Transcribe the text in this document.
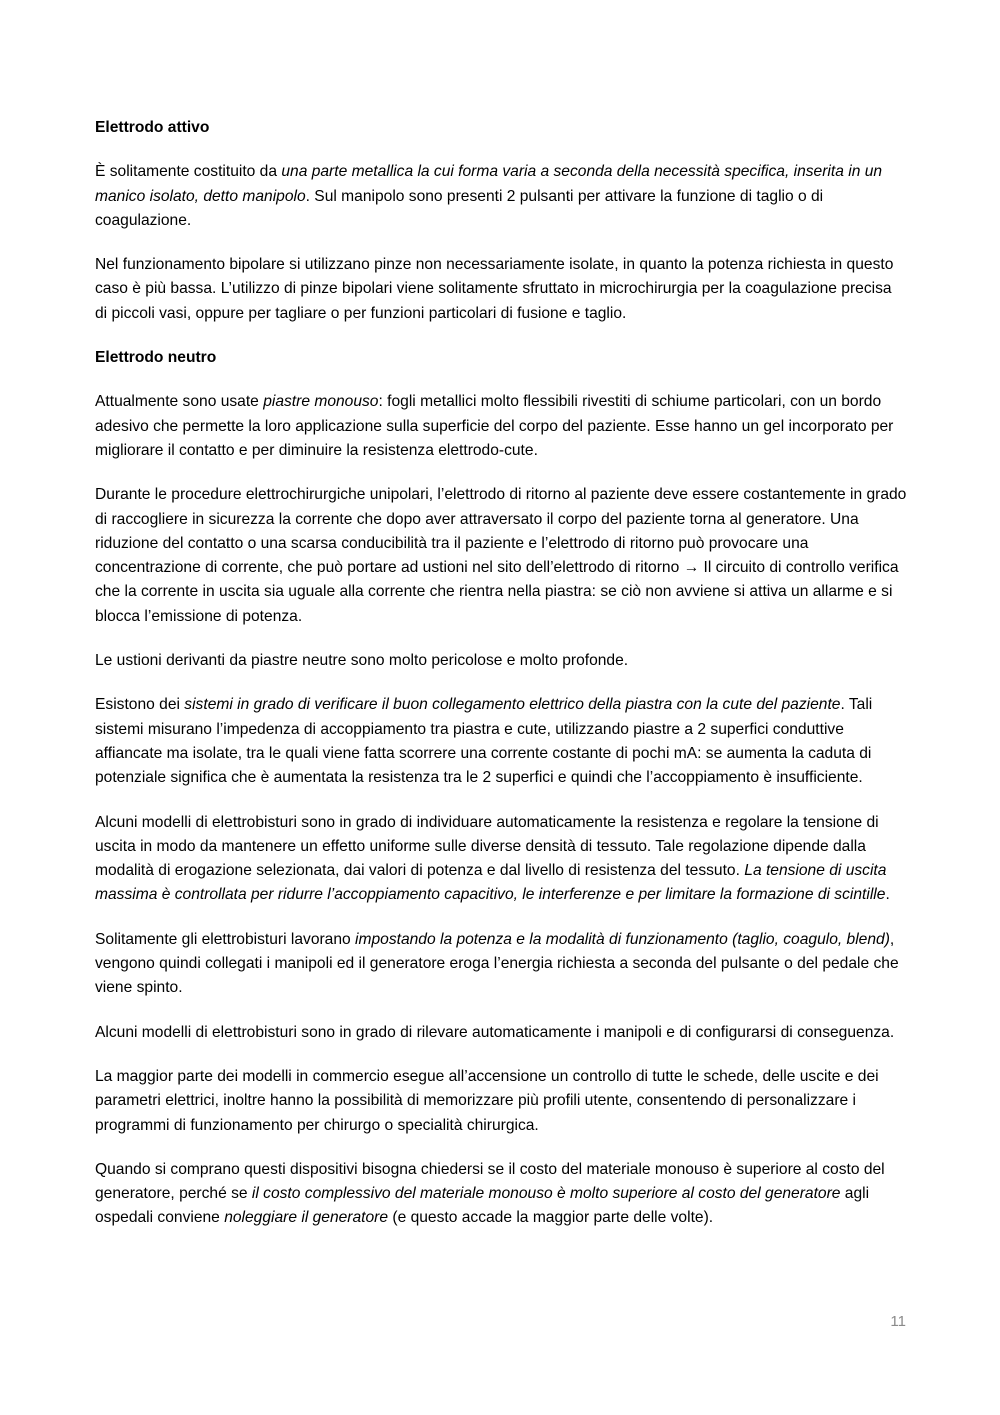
Elettrodo attivo
È solitamente costituito da una parte metallica la cui forma varia a seconda della necessità specifica, inserita in un manico isolato, detto manipolo. Sul manipolo sono presenti 2 pulsanti per attivare la funzione di taglio o di coagulazione.
Nel funzionamento bipolare si utilizzano pinze non necessariamente isolate, in quanto la potenza richiesta in questo caso è più bassa. L’utilizzo di pinze bipolari viene solitamente sfruttato in microchirurgia per la coagulazione precisa di piccoli vasi, oppure per tagliare o per funzioni particolari di fusione e taglio.
Elettrodo neutro
Attualmente sono usate piastre monouso: fogli metallici molto flessibili rivestiti di schiume particolari, con un bordo adesivo che permette la loro applicazione sulla superficie del corpo del paziente. Esse hanno un gel incorporato per migliorare il contatto e per diminuire la resistenza elettrodo-cute.
Durante le procedure elettrochirurgiche unipolari, l’elettrodo di ritorno al paziente deve essere costantemente in grado di raccogliere in sicurezza la corrente che dopo aver attraversato il corpo del paziente torna al generatore. Una riduzione del contatto o una scarsa conducibilità tra il paziente e l’elettrodo di ritorno può provocare una concentrazione di corrente, che può portare ad ustioni nel sito dell’elettrodo di ritorno → Il circuito di controllo verifica che la corrente in uscita sia uguale alla corrente che rientra nella piastra: se ciò non avviene si attiva un allarme e si blocca l’emissione di potenza.
Le ustioni derivanti da piastre neutre sono molto pericolose e molto profonde.
Esistono dei sistemi in grado di verificare il buon collegamento elettrico della piastra con la cute del paziente. Tali sistemi misurano l’impedenza di accoppiamento tra piastra e cute, utilizzando piastre a 2 superfici conduttive affiancate ma isolate, tra le quali viene fatta scorrere una corrente costante di pochi mA: se aumenta la caduta di potenziale significa che è aumentata la resistenza tra le 2 superfici e quindi che l’accoppiamento è insufficiente.
Alcuni modelli di elettrobisturi sono in grado di individuare automaticamente la resistenza e regolare la tensione di uscita in modo da mantenere un effetto uniforme sulle diverse densità di tessuto. Tale regolazione dipende dalla modalità di erogazione selezionata, dai valori di potenza e dal livello di resistenza del tessuto. La tensione di uscita massima è controllata per ridurre l’accoppiamento capacitivo, le interferenze e per limitare la formazione di scintille.
Solitamente gli elettrobisturi lavorano impostando la potenza e la modalità di funzionamento (taglio, coagulo, blend), vengono quindi collegati i manipoli ed il generatore eroga l’energia richiesta a seconda del pulsante o del pedale che viene spinto.
Alcuni modelli di elettrobisturi sono in grado di rilevare automaticamente i manipoli e di configurarsi di conseguenza.
La maggior parte dei modelli in commercio esegue all’accensione un controllo di tutte le schede, delle uscite e dei parametri elettrici, inoltre hanno la possibilità di memorizzare più profili utente, consentendo di personalizzare i programmi di funzionamento per chirurgo o specialità chirurgica.
Quando si comprano questi dispositivi bisogna chiedersi se il costo del materiale monouso è superiore al costo del generatore, perché se il costo complessivo del materiale monouso è molto superiore al costo del generatore agli ospedali conviene noleggiare il generatore (e questo accade la maggior parte delle volte).
11
